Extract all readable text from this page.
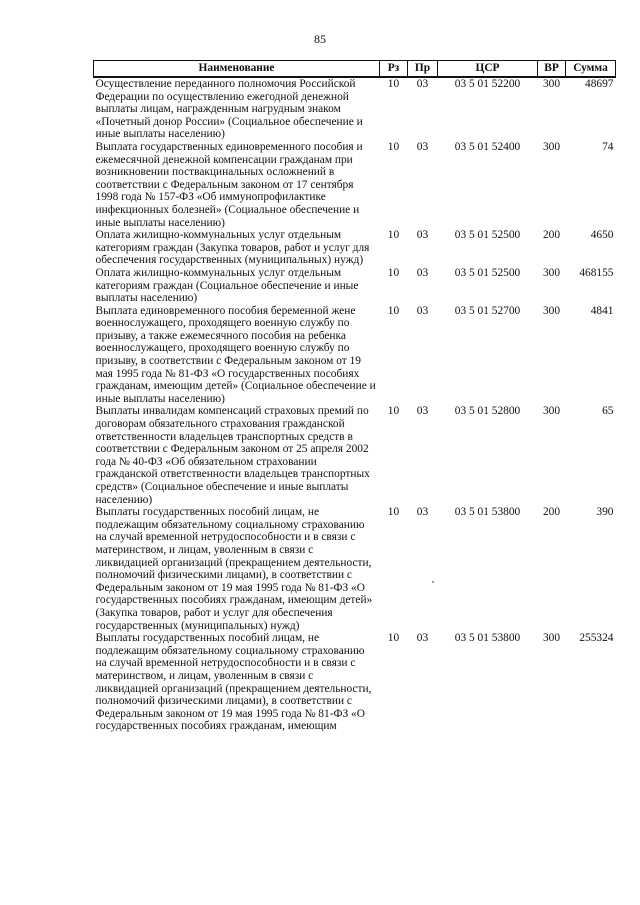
85
Наименование	Рз	Пр	ЦСР	ВР	Сумма
Осуществление переданного полномочия Российской Федерации по осуществлению ежегодной денежной выплаты лицам, награжденным нагрудным знаком «Почетный донор России» (Социальное обеспечение и иные выплаты населению)	10	03	03 5 01 52200	300	48697
Выплата государственных единовременного пособия и ежемесячной денежной компенсации гражданам при возникновении поствакцинальных осложнений в соответствии с Федеральным законом от 17 сентября 1998 года № 157-ФЗ «Об иммунопрофилактике инфекционных болезней» (Социальное обеспечение и иные выплаты населению)	10	03	03 5 01 52400	300	74
Оплата жилищно-коммунальных услуг отдельным категориям граждан (Закупка товаров, работ и услуг для обеспечения государственных (муниципальных) нужд)	10	03	03 5 01 52500	200	4650
Оплата жилищно-коммунальных услуг отдельным категориям граждан (Социальное обеспечение и иные выплаты населению)	10	03	03 5 01 52500	300	468155
Выплата единовременного пособия беременной жене военнослужащего, проходящего военную службу по призыву, а также ежемесячного пособия на ребенка военнослужащего, проходящего военную службу по призыву, в соответствии с Федеральным законом от 19 мая 1995 года № 81-ФЗ «О государственных пособиях гражданам, имеющим детей» (Социальное обеспечение и иные выплаты населению)	10	03	03 5 01 52700	300	4841
Выплаты инвалидам компенсаций страховых премий по договорам обязательного страхования гражданской ответственности владельцев транспортных средств в соответствии с Федеральным законом от 25 апреля 2002 года № 40-ФЗ «Об обязательном страховании гражданской ответственности владельцев транспортных средств» (Социальное обеспечение и иные выплаты населению)	10	03	03 5 01 52800	300	65
Выплаты государственных пособий лицам, не подлежащим обязательному социальному страхованию на случай временной нетрудоспособности и в связи с материнством, и лицам, уволенным в связи с ликвидацией организаций (прекращением деятельности, полномочий физическими лицами), в соответствии с Федеральным законом от 19 мая 1995 года № 81-ФЗ «О государственных пособиях гражданам, имеющим детей» (Закупка товаров, работ и услуг для обеспечения государственных (муниципальных) нужд)	10	03	03 5 01 53800	200	390
Выплаты государственных пособий лицам, не подлежащим обязательному социальному страхованию на случай временной нетрудоспособности и в связи с материнством, и лицам, уволенным в связи с ликвидацией организаций (прекращением деятельности, полномочий физическими лицами), в соответствии с Федеральным законом от 19 мая 1995 года № 81-ФЗ «О государственных пособиях гражданам, имеющим	10	03	03 5 01 53800	300	255324
